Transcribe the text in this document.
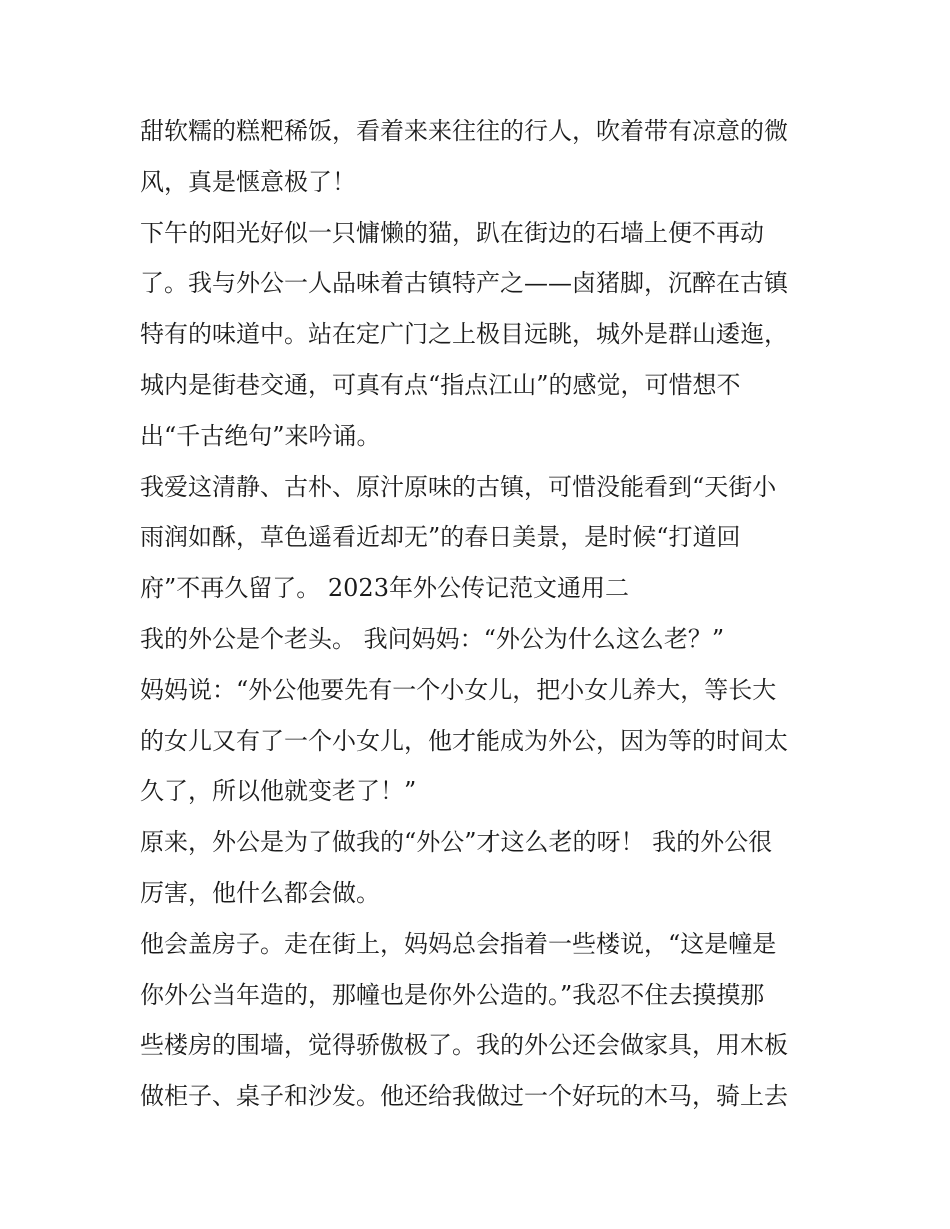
甜软糯的糕粑稀饭，看着来来往往的行人，吹着带有凉意的微
风，真是惬意极了！
下午的阳光好似一只慵懒的猫，趴在街边的石墙上便不再动
了。我与外公一人品味着古镇特产之——卤猪脚，沉醉在古镇
特有的味道中。站在定广门之上极目远眺，城外是群山逶迤，
城内是街巷交通，可真有点“指点江山”的感觉，可惜想不
出“千古绝句”来吟诵。
我爱这清静、古朴、原汁原味的古镇，可惜没能看到“天街小
雨润如酥，草色遥看近却无”的春日美景，是时候“打道回
府”不再久留了。 2023年外公传记范文通用二
我的外公是个老头。 我问妈妈：“外公为什么这么老？”
妈妈说：“外公他要先有一个小女儿，把小女儿养大，等长大
的女儿又有了一个小女儿，他才能成为外公，因为等的时间太
久了，所以他就变老了！”
原来，外公是为了做我的“外公”才这么老的呀！ 我的外公很
厉害，他什么都会做。
他会盖房子。走在街上，妈妈总会指着一些楼说，“这是幢是
你外公当年造的，那幢也是你外公造的。”我忍不住去摸摸那
些楼房的围墙，觉得骄傲极了。我的外公还会做家具，用木板
做柜子、桌子和沙发。他还给我做过一个好玩的木马，骑上去
